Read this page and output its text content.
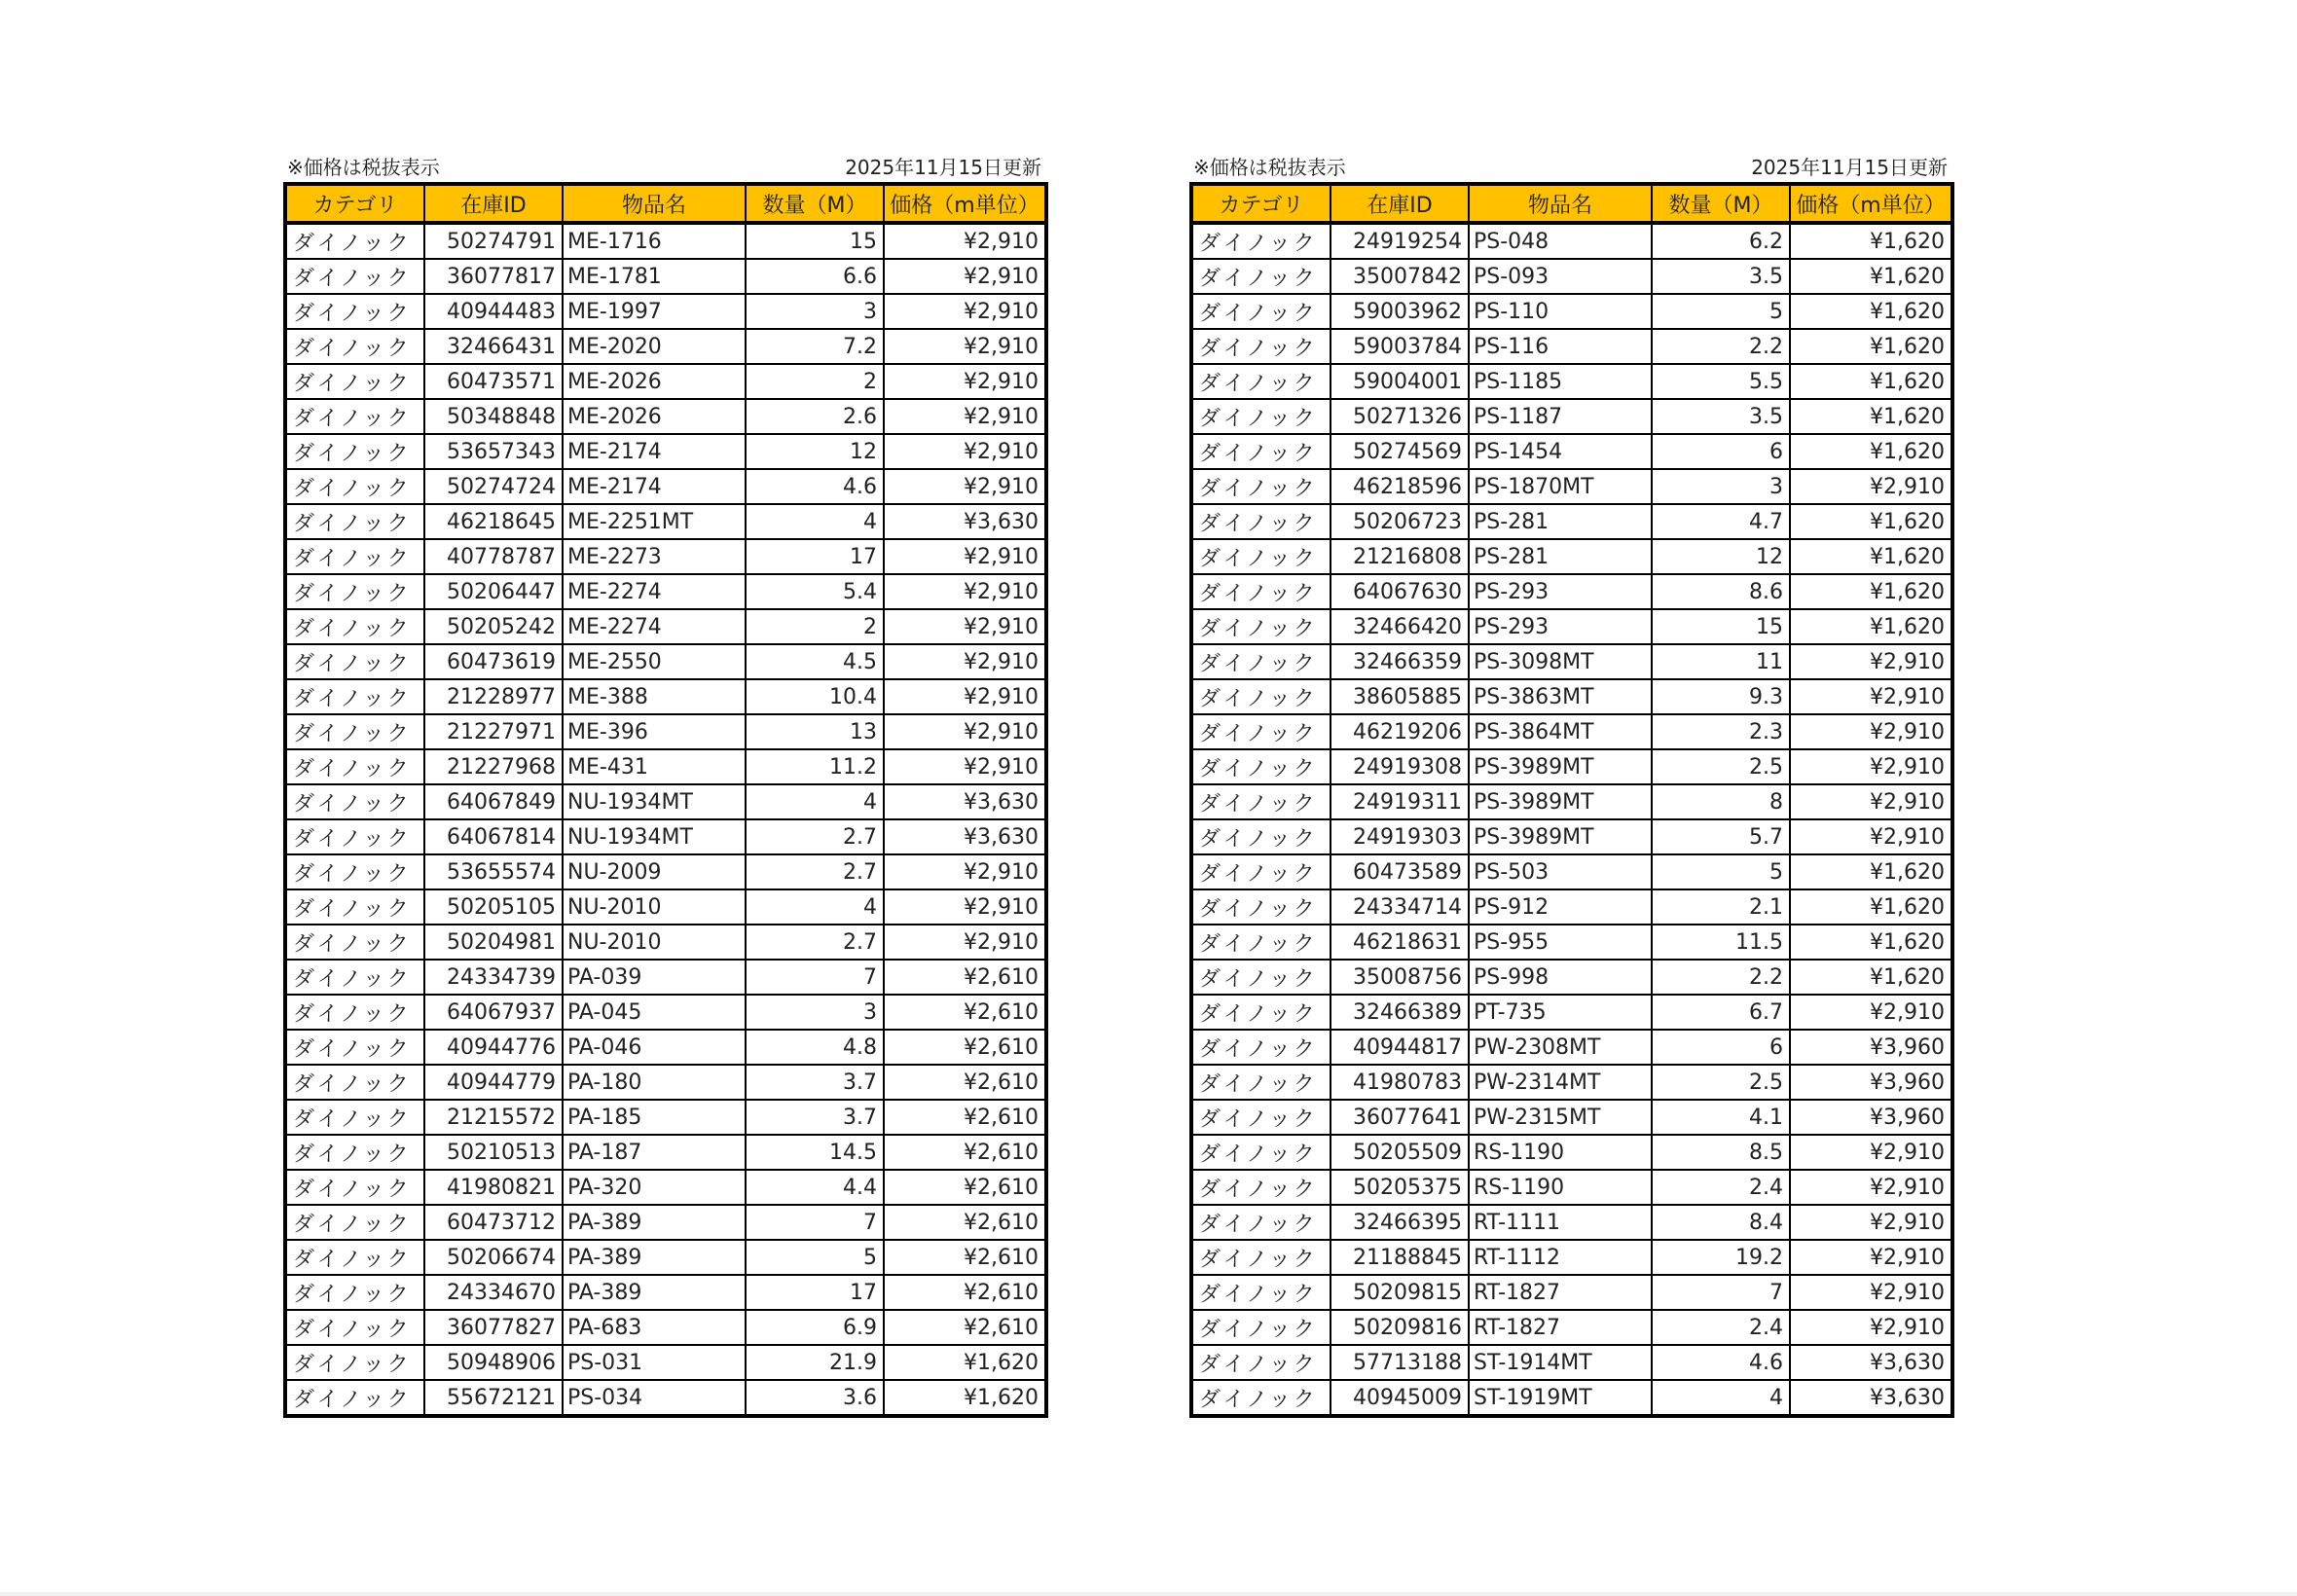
※価格は税抜表示	2025年11月15日更新
カテゴリ	在庫ID	物品名	数量（M）	価格（m単位）
ダイノック	50274791	ME-1716	15	¥2,910
ダイノック	36077817	ME-1781	6.6	¥2,910
ダイノック	40944483	ME-1997	3	¥2,910
ダイノック	32466431	ME-2020	7.2	¥2,910
ダイノック	60473571	ME-2026	2	¥2,910
ダイノック	50348848	ME-2026	2.6	¥2,910
ダイノック	53657343	ME-2174	12	¥2,910
ダイノック	50274724	ME-2174	4.6	¥2,910
ダイノック	46218645	ME-2251MT	4	¥3,630
ダイノック	40778787	ME-2273	17	¥2,910
ダイノック	50206447	ME-2274	5.4	¥2,910
ダイノック	50205242	ME-2274	2	¥2,910
ダイノック	60473619	ME-2550	4.5	¥2,910
ダイノック	21228977	ME-388	10.4	¥2,910
ダイノック	21227971	ME-396	13	¥2,910
ダイノック	21227968	ME-431	11.2	¥2,910
ダイノック	64067849	NU-1934MT	4	¥3,630
ダイノック	64067814	NU-1934MT	2.7	¥3,630
ダイノック	53655574	NU-2009	2.7	¥2,910
ダイノック	50205105	NU-2010	4	¥2,910
ダイノック	50204981	NU-2010	2.7	¥2,910
ダイノック	24334739	PA-039	7	¥2,610
ダイノック	64067937	PA-045	3	¥2,610
ダイノック	40944776	PA-046	4.8	¥2,610
ダイノック	40944779	PA-180	3.7	¥2,610
ダイノック	21215572	PA-185	3.7	¥2,610
ダイノック	50210513	PA-187	14.5	¥2,610
ダイノック	41980821	PA-320	4.4	¥2,610
ダイノック	60473712	PA-389	7	¥2,610
ダイノック	50206674	PA-389	5	¥2,610
ダイノック	24334670	PA-389	17	¥2,610
ダイノック	36077827	PA-683	6.9	¥2,610
ダイノック	50948906	PS-031	21.9	¥1,620
ダイノック	55672121	PS-034	3.6	¥1,620
※価格は税抜表示	2025年11月15日更新
カテゴリ	在庫ID	物品名	数量（M）	価格（m単位）
ダイノック	24919254	PS-048	6.2	¥1,620
ダイノック	35007842	PS-093	3.5	¥1,620
ダイノック	59003962	PS-110	5	¥1,620
ダイノック	59003784	PS-116	2.2	¥1,620
ダイノック	59004001	PS-1185	5.5	¥1,620
ダイノック	50271326	PS-1187	3.5	¥1,620
ダイノック	50274569	PS-1454	6	¥1,620
ダイノック	46218596	PS-1870MT	3	¥2,910
ダイノック	50206723	PS-281	4.7	¥1,620
ダイノック	21216808	PS-281	12	¥1,620
ダイノック	64067630	PS-293	8.6	¥1,620
ダイノック	32466420	PS-293	15	¥1,620
ダイノック	32466359	PS-3098MT	11	¥2,910
ダイノック	38605885	PS-3863MT	9.3	¥2,910
ダイノック	46219206	PS-3864MT	2.3	¥2,910
ダイノック	24919308	PS-3989MT	2.5	¥2,910
ダイノック	24919311	PS-3989MT	8	¥2,910
ダイノック	24919303	PS-3989MT	5.7	¥2,910
ダイノック	60473589	PS-503	5	¥1,620
ダイノック	24334714	PS-912	2.1	¥1,620
ダイノック	46218631	PS-955	11.5	¥1,620
ダイノック	35008756	PS-998	2.2	¥1,620
ダイノック	32466389	PT-735	6.7	¥2,910
ダイノック	40944817	PW-2308MT	6	¥3,960
ダイノック	41980783	PW-2314MT	2.5	¥3,960
ダイノック	36077641	PW-2315MT	4.1	¥3,960
ダイノック	50205509	RS-1190	8.5	¥2,910
ダイノック	50205375	RS-1190	2.4	¥2,910
ダイノック	32466395	RT-1111	8.4	¥2,910
ダイノック	21188845	RT-1112	19.2	¥2,910
ダイノック	50209815	RT-1827	7	¥2,910
ダイノック	50209816	RT-1827	2.4	¥2,910
ダイノック	57713188	ST-1914MT	4.6	¥3,630
ダイノック	40945009	ST-1919MT	4	¥3,630
